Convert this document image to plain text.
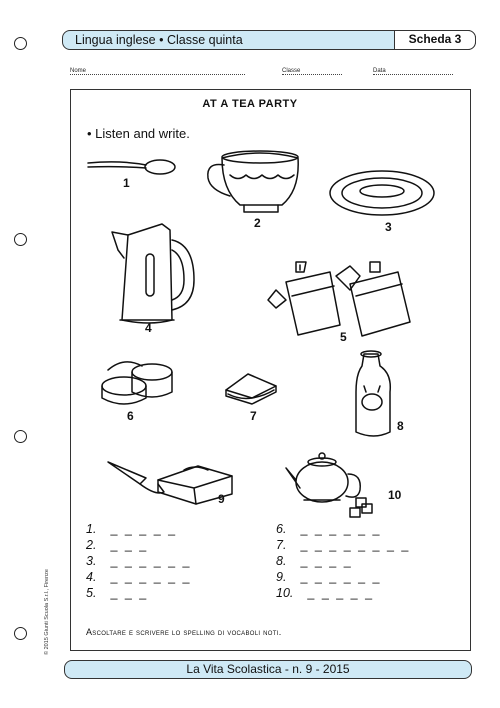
Lingua inglese • Classe quinta	Scheda 3
Nome	Classe	Data
AT A TEA PARTY
• Listen and write.
1
2	3
4
5
6	7
8
9	10
1. _ _ _ _ _
2. _ _ _
3. _ _ _ _ _ _
4. _ _ _ _ _ _
5. _ _ _
6. _ _ _ _ _ _
7. _ _ _ _ _ _ _ _
8. _ _ _ _
9. _ _ _ _ _ _
10. _ _ _ _ _
Ascoltare e scrivere lo spelling di vocaboli noti.
© 2015 Giunti Scuola S.r.l., Firenze
La Vita Scolastica - n. 9 - 2015
